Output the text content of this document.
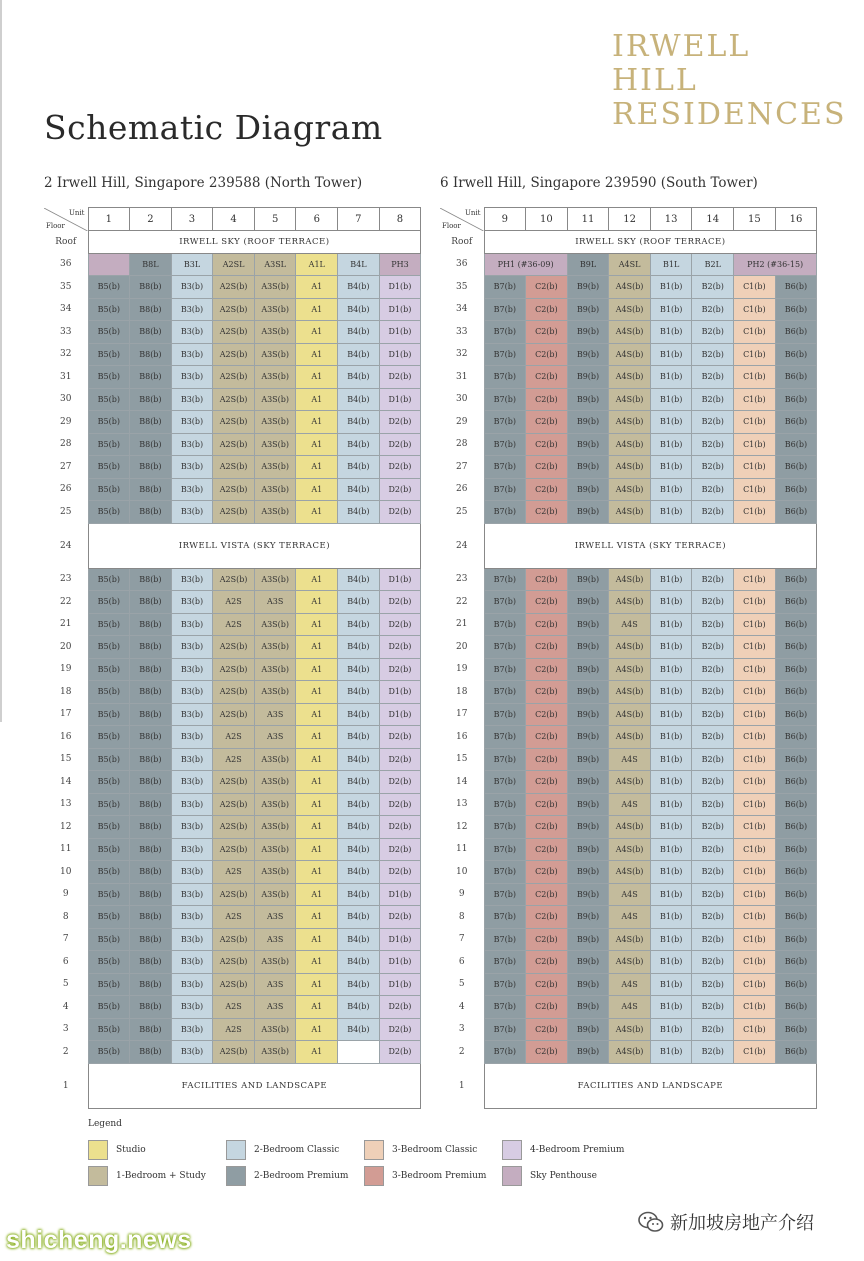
Schematic Diagram
IRWELL
HILL
RESIDENCES
2 Irwell Hill, Singapore 239588 (North Tower)	6 Irwell Hill, Singapore 239590 (South Tower)
Unit
Floor	1	2	3	4	5	6	7	8
Roof	IRWELL SKY (ROOF TERRACE)							
36		B8L	B3L	A2SL	A3SL	A1L	B4L	PH3
35	B5(b)	B8(b)	B3(b)	A2S(b)	A3S(b)	A1	B4(b)	D1(b)
34	B5(b)	B8(b)	B3(b)	A2S(b)	A3S(b)	A1	B4(b)	D1(b)
33	B5(b)	B8(b)	B3(b)	A2S(b)	A3S(b)	A1	B4(b)	D1(b)
32	B5(b)	B8(b)	B3(b)	A2S(b)	A3S(b)	A1	B4(b)	D1(b)
31	B5(b)	B8(b)	B3(b)	A2S(b)	A3S(b)	A1	B4(b)	D2(b)
30	B5(b)	B8(b)	B3(b)	A2S(b)	A3S(b)	A1	B4(b)	D1(b)
29	B5(b)	B8(b)	B3(b)	A2S(b)	A3S(b)	A1	B4(b)	D2(b)
28	B5(b)	B8(b)	B3(b)	A2S(b)	A3S(b)	A1	B4(b)	D2(b)
27	B5(b)	B8(b)	B3(b)	A2S(b)	A3S(b)	A1	B4(b)	D2(b)
26	B5(b)	B8(b)	B3(b)	A2S(b)	A3S(b)	A1	B4(b)	D2(b)
25	B5(b)	B8(b)	B3(b)	A2S(b)	A3S(b)	A1	B4(b)	D2(b)
24	IRWELL VISTA (SKY TERRACE)							
23	B5(b)	B8(b)	B3(b)	A2S(b)	A3S(b)	A1	B4(b)	D1(b)
22	B5(b)	B8(b)	B3(b)	A2S	A3S	A1	B4(b)	D2(b)
21	B5(b)	B8(b)	B3(b)	A2S	A3S(b)	A1	B4(b)	D2(b)
20	B5(b)	B8(b)	B3(b)	A2S(b)	A3S(b)	A1	B4(b)	D2(b)
19	B5(b)	B8(b)	B3(b)	A2S(b)	A3S(b)	A1	B4(b)	D2(b)
18	B5(b)	B8(b)	B3(b)	A2S(b)	A3S(b)	A1	B4(b)	D1(b)
17	B5(b)	B8(b)	B3(b)	A2S(b)	A3S	A1	B4(b)	D1(b)
16	B5(b)	B8(b)	B3(b)	A2S	A3S	A1	B4(b)	D2(b)
15	B5(b)	B8(b)	B3(b)	A2S	A3S(b)	A1	B4(b)	D2(b)
14	B5(b)	B8(b)	B3(b)	A2S(b)	A3S(b)	A1	B4(b)	D2(b)
13	B5(b)	B8(b)	B3(b)	A2S(b)	A3S(b)	A1	B4(b)	D2(b)
12	B5(b)	B8(b)	B3(b)	A2S(b)	A3S(b)	A1	B4(b)	D2(b)
11	B5(b)	B8(b)	B3(b)	A2S(b)	A3S(b)	A1	B4(b)	D2(b)
10	B5(b)	B8(b)	B3(b)	A2S	A3S(b)	A1	B4(b)	D2(b)
9	B5(b)	B8(b)	B3(b)	A2S(b)	A3S(b)	A1	B4(b)	D1(b)
8	B5(b)	B8(b)	B3(b)	A2S	A3S	A1	B4(b)	D2(b)
7	B5(b)	B8(b)	B3(b)	A2S(b)	A3S	A1	B4(b)	D1(b)
6	B5(b)	B8(b)	B3(b)	A2S(b)	A3S(b)	A1	B4(b)	D1(b)
5	B5(b)	B8(b)	B3(b)	A2S(b)	A3S	A1	B4(b)	D1(b)
4	B5(b)	B8(b)	B3(b)	A2S	A3S	A1	B4(b)	D2(b)
3	B5(b)	B8(b)	B3(b)	A2S	A3S(b)	A1	B4(b)	D2(b)
2	B5(b)	B8(b)	B3(b)	A2S(b)	A3S(b)	A1		D2(b)
1	FACILITIES AND LANDSCAPE							
Unit
Floor	9	10	11	12	13	14	15	16
Roof	IRWELL SKY (ROOF TERRACE)							
36	PH1 (#36-09)		B9L	A4SL	B1L	B2L	PH2 (#36-15)	
35	B7(b)	C2(b)	B9(b)	A4S(b)	B1(b)	B2(b)	C1(b)	B6(b)
34	B7(b)	C2(b)	B9(b)	A4S(b)	B1(b)	B2(b)	C1(b)	B6(b)
33	B7(b)	C2(b)	B9(b)	A4S(b)	B1(b)	B2(b)	C1(b)	B6(b)
32	B7(b)	C2(b)	B9(b)	A4S(b)	B1(b)	B2(b)	C1(b)	B6(b)
31	B7(b)	C2(b)	B9(b)	A4S(b)	B1(b)	B2(b)	C1(b)	B6(b)
30	B7(b)	C2(b)	B9(b)	A4S(b)	B1(b)	B2(b)	C1(b)	B6(b)
29	B7(b)	C2(b)	B9(b)	A4S(b)	B1(b)	B2(b)	C1(b)	B6(b)
28	B7(b)	C2(b)	B9(b)	A4S(b)	B1(b)	B2(b)	C1(b)	B6(b)
27	B7(b)	C2(b)	B9(b)	A4S(b)	B1(b)	B2(b)	C1(b)	B6(b)
26	B7(b)	C2(b)	B9(b)	A4S(b)	B1(b)	B2(b)	C1(b)	B6(b)
25	B7(b)	C2(b)	B9(b)	A4S(b)	B1(b)	B2(b)	C1(b)	B6(b)
24	IRWELL VISTA (SKY TERRACE)							
23	B7(b)	C2(b)	B9(b)	A4S(b)	B1(b)	B2(b)	C1(b)	B6(b)
22	B7(b)	C2(b)	B9(b)	A4S(b)	B1(b)	B2(b)	C1(b)	B6(b)
21	B7(b)	C2(b)	B9(b)	A4S	B1(b)	B2(b)	C1(b)	B6(b)
20	B7(b)	C2(b)	B9(b)	A4S(b)	B1(b)	B2(b)	C1(b)	B6(b)
19	B7(b)	C2(b)	B9(b)	A4S(b)	B1(b)	B2(b)	C1(b)	B6(b)
18	B7(b)	C2(b)	B9(b)	A4S(b)	B1(b)	B2(b)	C1(b)	B6(b)
17	B7(b)	C2(b)	B9(b)	A4S(b)	B1(b)	B2(b)	C1(b)	B6(b)
16	B7(b)	C2(b)	B9(b)	A4S(b)	B1(b)	B2(b)	C1(b)	B6(b)
15	B7(b)	C2(b)	B9(b)	A4S	B1(b)	B2(b)	C1(b)	B6(b)
14	B7(b)	C2(b)	B9(b)	A4S(b)	B1(b)	B2(b)	C1(b)	B6(b)
13	B7(b)	C2(b)	B9(b)	A4S	B1(b)	B2(b)	C1(b)	B6(b)
12	B7(b)	C2(b)	B9(b)	A4S(b)	B1(b)	B2(b)	C1(b)	B6(b)
11	B7(b)	C2(b)	B9(b)	A4S(b)	B1(b)	B2(b)	C1(b)	B6(b)
10	B7(b)	C2(b)	B9(b)	A4S(b)	B1(b)	B2(b)	C1(b)	B6(b)
9	B7(b)	C2(b)	B9(b)	A4S	B1(b)	B2(b)	C1(b)	B6(b)
8	B7(b)	C2(b)	B9(b)	A4S	B1(b)	B2(b)	C1(b)	B6(b)
7	B7(b)	C2(b)	B9(b)	A4S(b)	B1(b)	B2(b)	C1(b)	B6(b)
6	B7(b)	C2(b)	B9(b)	A4S(b)	B1(b)	B2(b)	C1(b)	B6(b)
5	B7(b)	C2(b)	B9(b)	A4S	B1(b)	B2(b)	C1(b)	B6(b)
4	B7(b)	C2(b)	B9(b)	A4S	B1(b)	B2(b)	C1(b)	B6(b)
3	B7(b)	C2(b)	B9(b)	A4S(b)	B1(b)	B2(b)	C1(b)	B6(b)
2	B7(b)	C2(b)	B9(b)	A4S(b)	B1(b)	B2(b)	C1(b)	B6(b)
1	FACILITIES AND LANDSCAPE							
Legend
Studio
1-Bedroom + Study
2-Bedroom Classic
2-Bedroom Premium
3-Bedroom Classic
3-Bedroom Premium
4-Bedroom Premium
Sky Penthouse
shicheng.news
新加坡房地产介绍
